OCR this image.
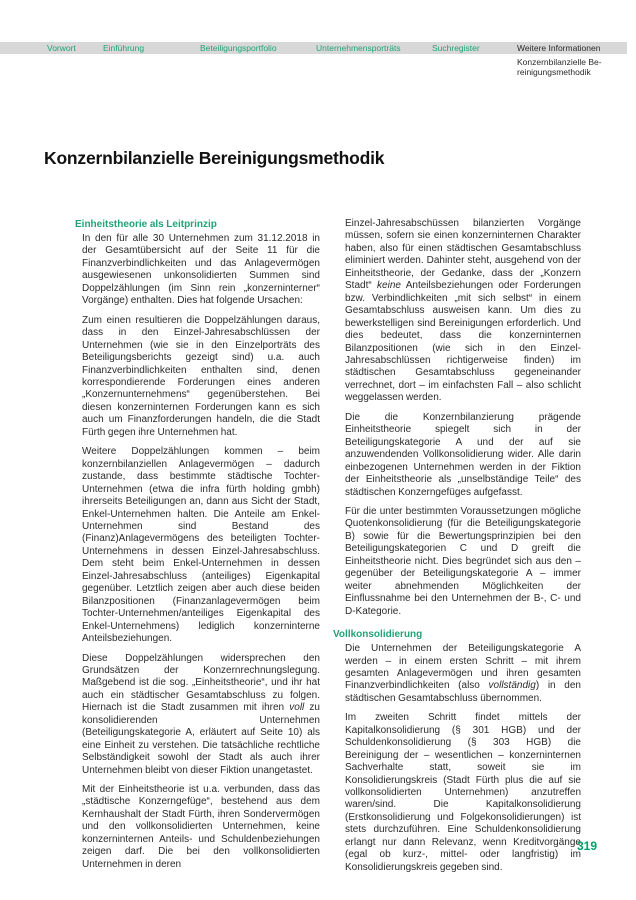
Vorwort	Einführung	Beteiligungsportfolio	Unternehmensporträts	Suchregister	Weitere Informationen
Konzernbilanzielle Be-
reinigungsmethodik
Konzernbilanzielle Bereinigungsmethodik
Einheitstheorie als Leitprinzip

In den für alle 30 Unternehmen zum 31.12.2018 in der Gesamtübersicht auf der Seite 11 für die Finanzverbindlichkeiten und das Anlagevermögen ausgewiesenen unkonsolidierten Summen sind Doppelzählungen (im Sinn rein „konzerninterner“ Vorgänge) enthalten. Dies hat folgende Ursachen:

Zum einen resultieren die Doppelzählungen daraus, dass in den Einzel-Jahresabschlüssen der Unternehmen (wie sie in den Einzelporträts des Beteiligungsberichts gezeigt sind) u.a. auch Finanzverbindlichkeiten enthalten sind, denen korrespondierende Forderungen eines anderen „Konzernunternehmens“ gegenüberstehen. Bei diesen konzerninternen Forderungen kann es sich auch um Finanzforderungen handeln, die die Stadt Fürth gegen ihre Unternehmen hat.

Weitere Doppelzählungen kommen – beim konzernbilanziellen Anlagevermögen – dadurch zustande, dass bestimmte städtische Tochter-Unternehmen (etwa die infra fürth holding gmbh) ihrerseits Beteiligungen an, dann aus Sicht der Stadt, Enkel-Unternehmen halten. Die Anteile am Enkel-Unternehmen sind Bestand des (Finanz)Anlagevermögens des beteiligten Tochter-Unternehmens in dessen Einzel-Jahresabschluss. Dem steht beim Enkel-Unternehmen in dessen Einzel-Jahresabschluss (anteiliges) Eigenkapital gegenüber. Letztlich zeigen aber auch diese beiden Bilanzpositionen (Finanzanlagevermögen beim Tochter-Unternehmen/anteiliges Eigenkapital des Enkel-Unternehmens) lediglich konzerninterne Anteilsbeziehungen.

Diese Doppelzählungen widersprechen den Grundsätzen der Konzernrechnungslegung. Maßgebend ist die sog. „Einheitstheorie“, und ihr hat auch ein städtischer Gesamtabschluss zu folgen. Hiernach ist die Stadt zusammen mit ihren voll zu konsolidierenden Unternehmen (Beteiligungskategorie A, erläutert auf Seite 10) als eine Einheit zu verstehen. Die tatsächliche rechtliche Selbständigkeit sowohl der Stadt als auch ihrer Unternehmen bleibt von dieser Fiktion unangetastet.

Mit der Einheitstheorie ist u.a. verbunden, dass das „städtische Konzerngefüge“, bestehend aus dem Kernhaushalt der Stadt Fürth, ihren Sondervermögen und den vollkonsolidierten Unternehmen, keine konzerninternen Anteils- und Schuldenbeziehungen zeigen darf. Die bei den vollkonsolidierten Unternehmen in deren

Einzel-Jahresabschüssen bilanzierten Vorgänge müssen, sofern sie einen konzerninternen Charakter haben, also für einen städtischen Gesamtabschluss eliminiert werden. Dahinter steht, ausgehend von der Einheitstheorie, der Gedanke, dass der „Konzern Stadt“ keine Anteilsbeziehungen oder Forderungen bzw. Verbindlichkeiten „mit sich selbst“ in einem Gesamtabschluss ausweisen kann. Um dies zu bewerkstelligen sind Bereinigungen erforderlich. Und dies bedeutet, dass die konzerninternen Bilanzpositionen (wie sich in den Einzel-Jahresabschlüssen richtigerweise finden) im städtischen Gesamtabschluss gegeneinander verrechnet, dort – im einfachsten Fall – also schlicht weggelassen werden.

Die die Konzernbilanzierung prägende Einheitstheorie spiegelt sich in der Beteiligungskategorie A und der auf sie anzuwendenden Vollkonsolidierung wider. Alle darin einbezogenen Unternehmen werden in der Fiktion der Einheitstheorie als „unselbständige Teile“ des städtischen Konzerngefüges aufgefasst.

Für die unter bestimmten Voraussetzungen mögliche Quotenkonsolidierung (für die Beteiligungskategorie B) sowie für die Bewertungsprinzipien bei den Beteiligungskategorien C und D greift die Einheitstheorie nicht. Dies begründet sich aus den – gegenüber der Beteiligungskategorie A – immer weiter abnehmenden Möglichkeiten der Einflussnahme bei den Unternehmen der B-, C- und D-Kategorie.

Vollkonsolidierung

Die Unternehmen der Beteiligungskategorie A werden – in einem ersten Schritt – mit ihrem gesamten Anlagevermögen und ihren gesamten Finanzverbindlichkeiten (also vollständig) in den städtischen Gesamtabschluss übernommen.

Im zweiten Schritt findet mittels der Kapitalkonsolidierung (§ 301 HGB) und der Schuldenkonsolidierung (§ 303 HGB) die Bereinigung der – wesentlichen – konzerninternen Sachverhalte statt, soweit sie im Konsolidierungskreis (Stadt Fürth plus die auf sie vollkonsolidierten Unternehmen) anzutreffen waren/sind. Die Kapitalkonsolidierung (Erstkonsolidierung und Folgekonsolidierungen) ist stets durchzuführen. Eine Schuldenkonsolidierung erlangt nur dann Relevanz, wenn Kreditvorgänge (egal ob kurz-, mittel- oder langfristig) im Konsolidierungskreis gegeben sind.

319
